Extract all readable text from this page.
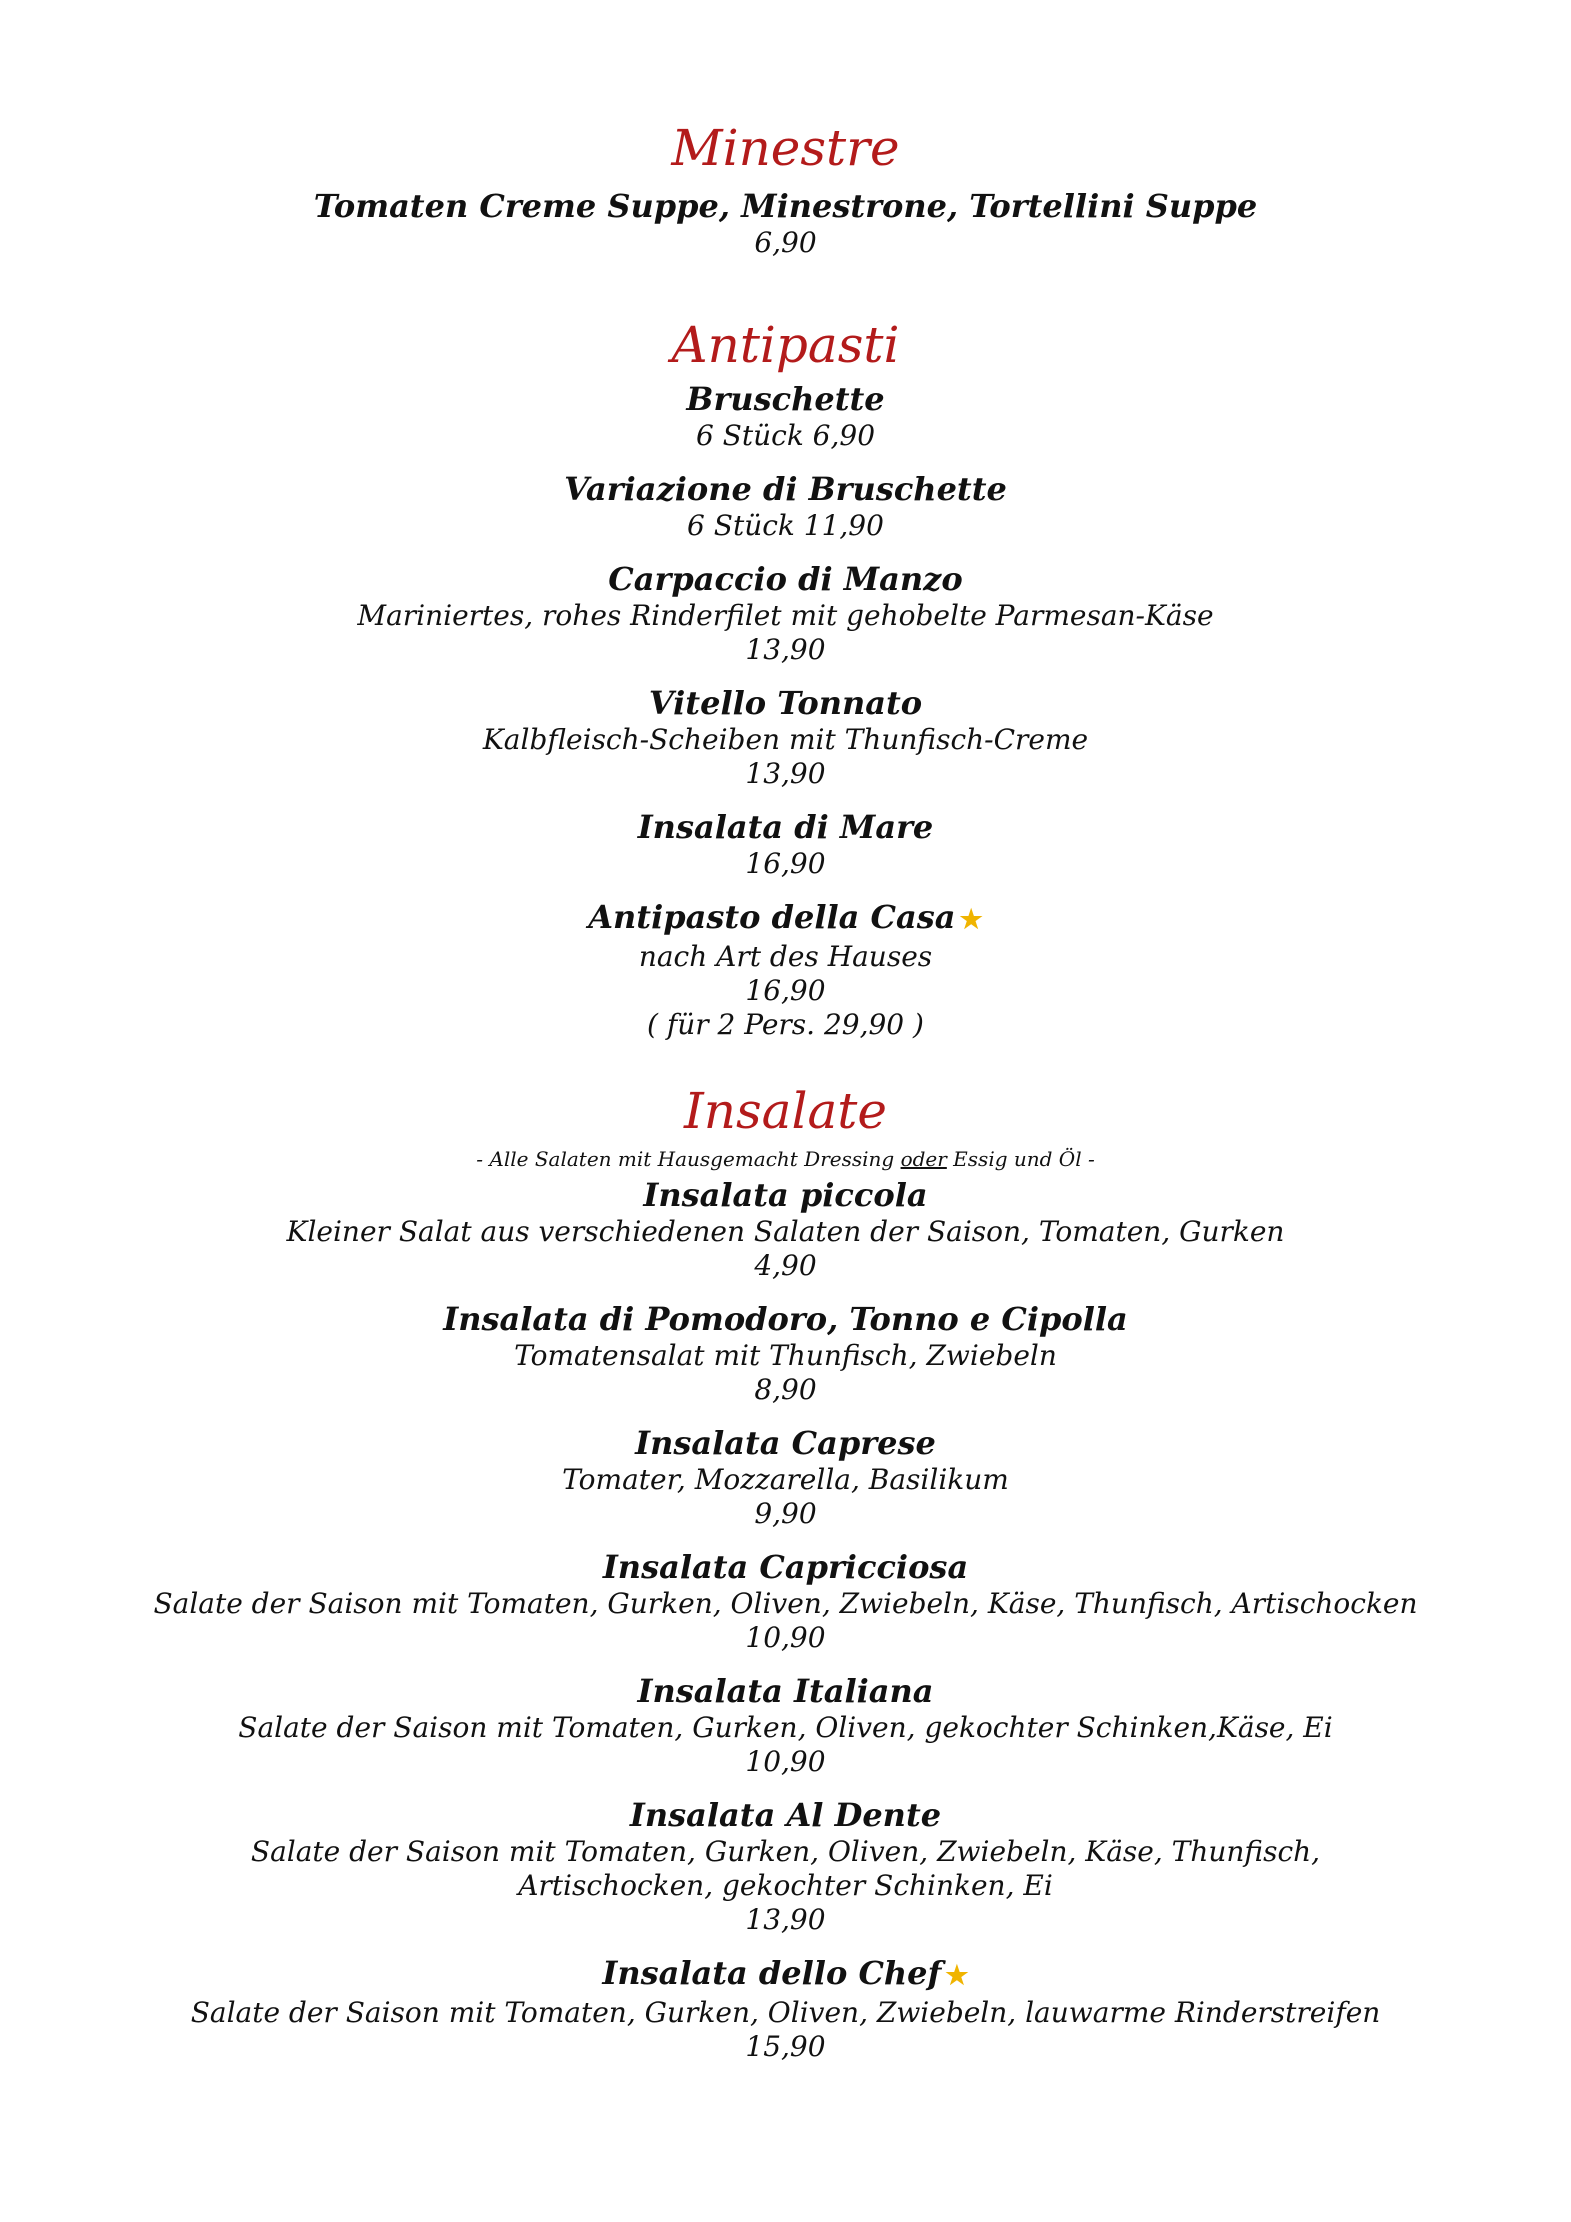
Minestre
Tomaten Creme Suppe, Minestrone, Tortellini Suppe
6,90
Antipasti
Bruschette
6 Stück 6,90
Variazione di Bruschette
6 Stück 11,90
Carpaccio di Manzo
Mariniertes, rohes Rinderfilet mit gehobelte Parmesan-Käse
13,90
Vitello Tonnato
Kalbfleisch-Scheiben mit Thunfisch-Creme
13,90
Insalata di Mare
16,90
Antipasto della Casa ★
nach Art des Hauses
16,90
( für 2 Pers. 29,90 )
Insalate
- Alle Salaten mit Hausgemacht Dressing oder Essig und Öl -
Insalata piccola
Kleiner Salat aus verschiedenen Salaten der Saison, Tomaten, Gurken
4,90
Insalata di Pomodoro, Tonno e Cipolla
Tomatensalat mit Thunfisch, Zwiebeln
8,90
Insalata Caprese
Tomater, Mozzarella, Basilikum
9,90
Insalata Capricciosa
Salate der Saison mit Tomaten, Gurken, Oliven, Zwiebeln, Käse, Thunfisch, Artischocken
10,90
Insalata Italiana
Salate der Saison mit Tomaten, Gurken, Oliven, gekochter Schinken,Käse, Ei
10,90
Insalata Al Dente
Salate der Saison mit Tomaten, Gurken, Oliven, Zwiebeln, Käse, Thunfisch,
Artischocken, gekochter Schinken, Ei
13,90
Insalata dello Chef ★
Salate der Saison mit Tomaten, Gurken, Oliven, Zwiebeln, lauwarme Rinderstreifen
15,90
